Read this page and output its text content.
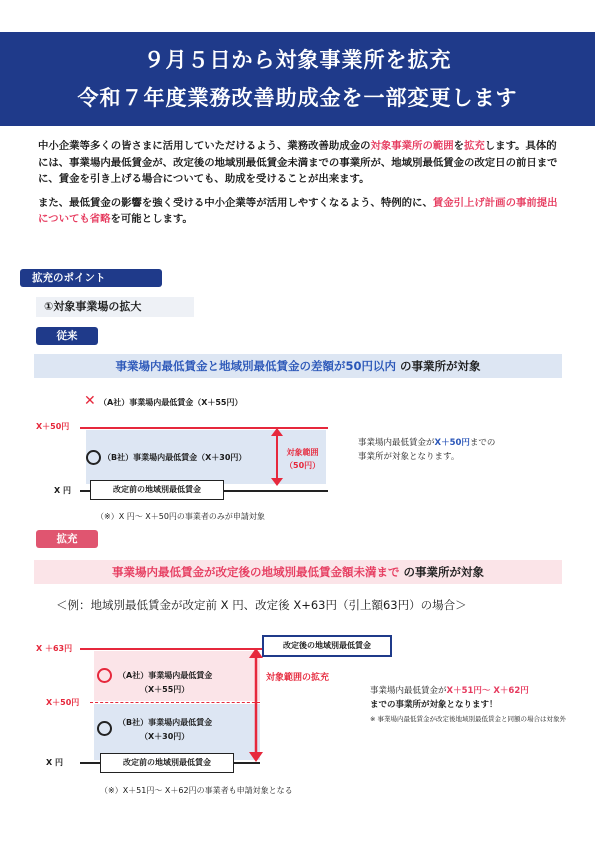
９月５日から対象事業所を拡充
令和７年度業務改善助成金を一部変更します

中小企業等多くの皆さまに活用していただけるよう、業務改善助成金の対象事業所の範囲を拡充します。具体的には、事業場内最低賃金が、改定後の地域別最低賃金未満までの事業所が、地域別最低賃金の改定日の前日までに、賃金を引き上げる場合についても、助成を受けることが出来ます。

また、最低賃金の影響を強く受ける中小企業等が活用しやすくなるよう、特例的に、賃金引上げ計画の事前提出についても省略を可能とします。

拡充のポイント
①対象事業場の拡大
従来
事業場内最低賃金と地域別最低賃金の差額が50円以内 の事業所が対象
✕ （A社）事業場内最低賃金（X＋55円）
X＋50円
（B社）事業場内最低賃金（X＋30円）
対象範囲
（50円）
X 円	改定前の地域別最低賃金
事業場内最低賃金がX＋50円までの
事業所が対象となります。
（※）X 円～ X＋50円の事業者のみが申請対象
拡充
事業場内最低賃金が改定後の地域別最低賃金額未満まで の事業所が対象
＜例：地域別最低賃金が改定前 X 円、改定後 X+63円（引上額63円）の場合＞
X ＋63円	改定後の地域別最低賃金
（A社）事業場内最低賃金
（X＋55円）
X＋50円
（B社）事業場内最低賃金
（X＋30円）
対象範囲の拡充
X 円	改定前の地域別最低賃金
事業場内最低賃金がX＋51円～ X＋62円
までの事業所が対象となります！
※ 事業場内最低賃金が改定後地域別最低賃金と同額の場合は対象外
（※）X＋51円～ X＋62円の事業者も申請対象となる
